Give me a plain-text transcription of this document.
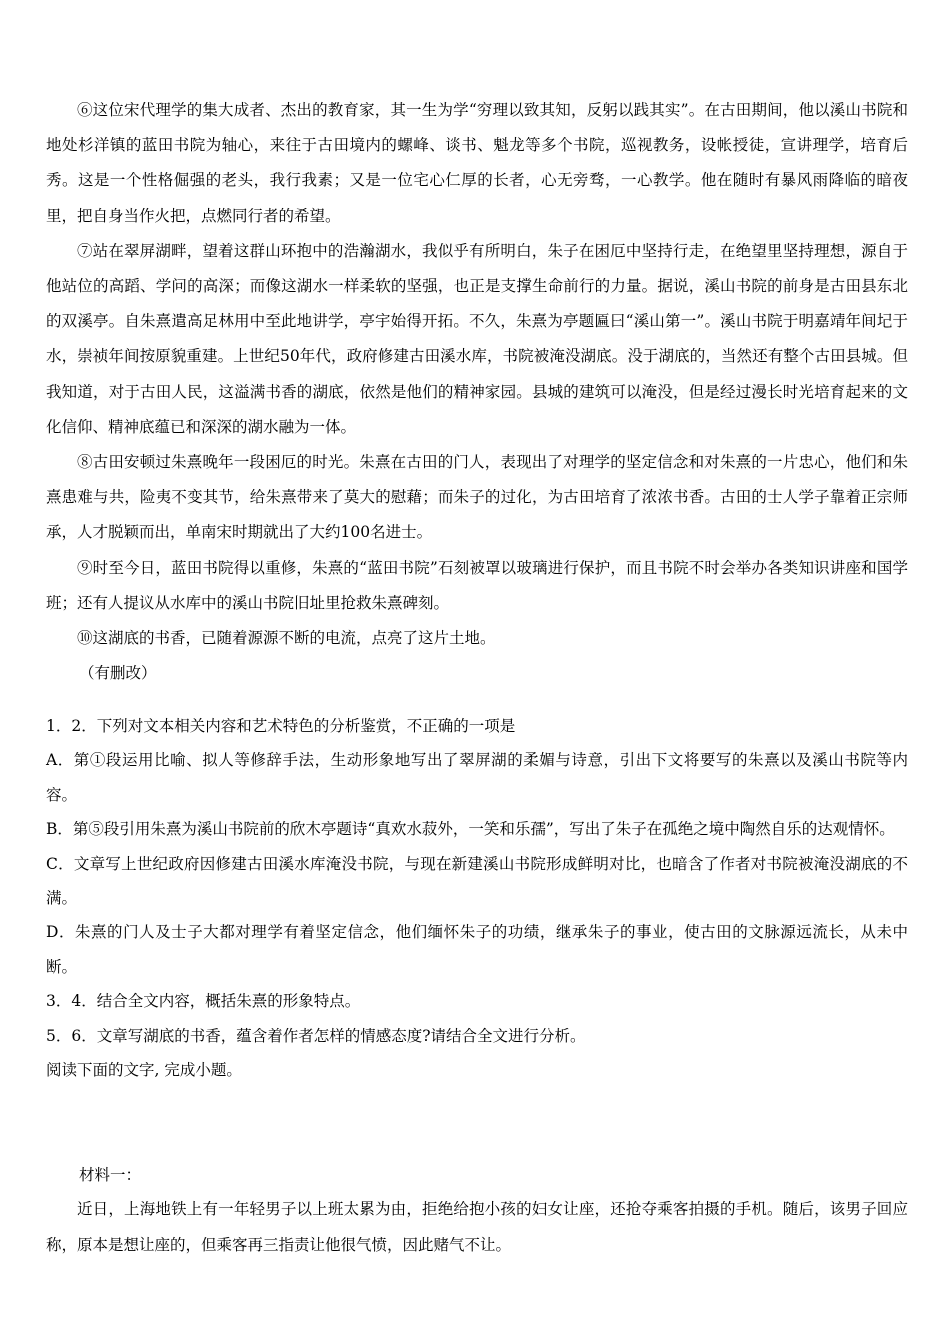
⑥这位宋代理学的集大成者、杰出的教育家，其一生为学“穷理以致其知，反躬以践其实”。在古田期间，他以溪山书院和地处杉洋镇的蓝田书院为轴心，来往于古田境内的螺峰、谈书、魁龙等多个书院，巡视教务，设帐授徒，宣讲理学，培育后秀。这是一个性格倔强的老头，我行我素；又是一位宅心仁厚的长者，心无旁骛，一心教学。他在随时有暴风雨降临的暗夜里，把自身当作火把，点燃同行者的希望。

⑦站在翠屏湖畔，望着这群山环抱中的浩瀚湖水，我似乎有所明白，朱子在困厄中坚持行走，在绝望里坚持理想，源自于他站位的高蹈、学问的高深；而像这湖水一样柔软的坚强，也正是支撑生命前行的力量。据说，溪山书院的前身是古田县东北的双溪亭。自朱熹遣高足林用中至此地讲学，亭宇始得开拓。不久，朱熹为亭题匾曰“溪山第一”。溪山书院于明嘉靖年间圮于水，崇祯年间按原貌重建。上世纪50年代，政府修建古田溪水库，书院被淹没湖底。没于湖底的，当然还有整个古田县城。但我知道，对于古田人民，这溢满书香的湖底，依然是他们的精神家园。县城的建筑可以淹没，但是经过漫长时光培育起来的文化信仰、精神底蕴已和深深的湖水融为一体。

⑧古田安顿过朱熹晚年一段困厄的时光。朱熹在古田的门人，表现出了对理学的坚定信念和对朱熹的一片忠心，他们和朱熹患难与共，险夷不变其节，给朱熹带来了莫大的慰藉；而朱子的过化，为古田培育了浓浓书香。古田的士人学子靠着正宗师承，人才脱颖而出，单南宋时期就出了大约100名进士。

⑨时至今日，蓝田书院得以重修，朱熹的“蓝田书院”石刻被罩以玻璃进行保护，而且书院不时会举办各类知识讲座和国学班；还有人提议从水库中的溪山书院旧址里抢救朱熹碑刻。

⑩这湖底的书香，已随着源源不断的电流，点亮了这片土地。

（有删改）

1．2．下列对文本相关内容和艺术特色的分析鉴赏，不正确的一项是

A．第①段运用比喻、拟人等修辞手法，生动形象地写出了翠屏湖的柔媚与诗意，引出下文将要写的朱熹以及溪山书院等内容。

B．第⑤段引用朱熹为溪山书院前的欣木亭题诗“真欢水菽外，一笑和乐孺”，写出了朱子在孤绝之境中陶然自乐的达观情怀。

C．文章写上世纪政府因修建古田溪水库淹没书院，与现在新建溪山书院形成鲜明对比，也暗含了作者对书院被淹没湖底的不满。

D．朱熹的门人及士子大都对理学有着坚定信念，他们缅怀朱子的功绩，继承朱子的事业，使古田的文脉源远流长，从未中断。

3．4．结合全文内容，概括朱熹的形象特点。

5．6．文章写湖底的书香，蕴含着作者怎样的情感态度?请结合全文进行分析。

阅读下面的文字, 完成小题。

材料一：

近日，上海地铁上有一年轻男子以上班太累为由，拒绝给抱小孩的妇女让座，还抢夺乘客拍摄的手机。随后，该男子回应称，原本是想让座的，但乘客再三指责让他很气愤，因此赌气不让。
